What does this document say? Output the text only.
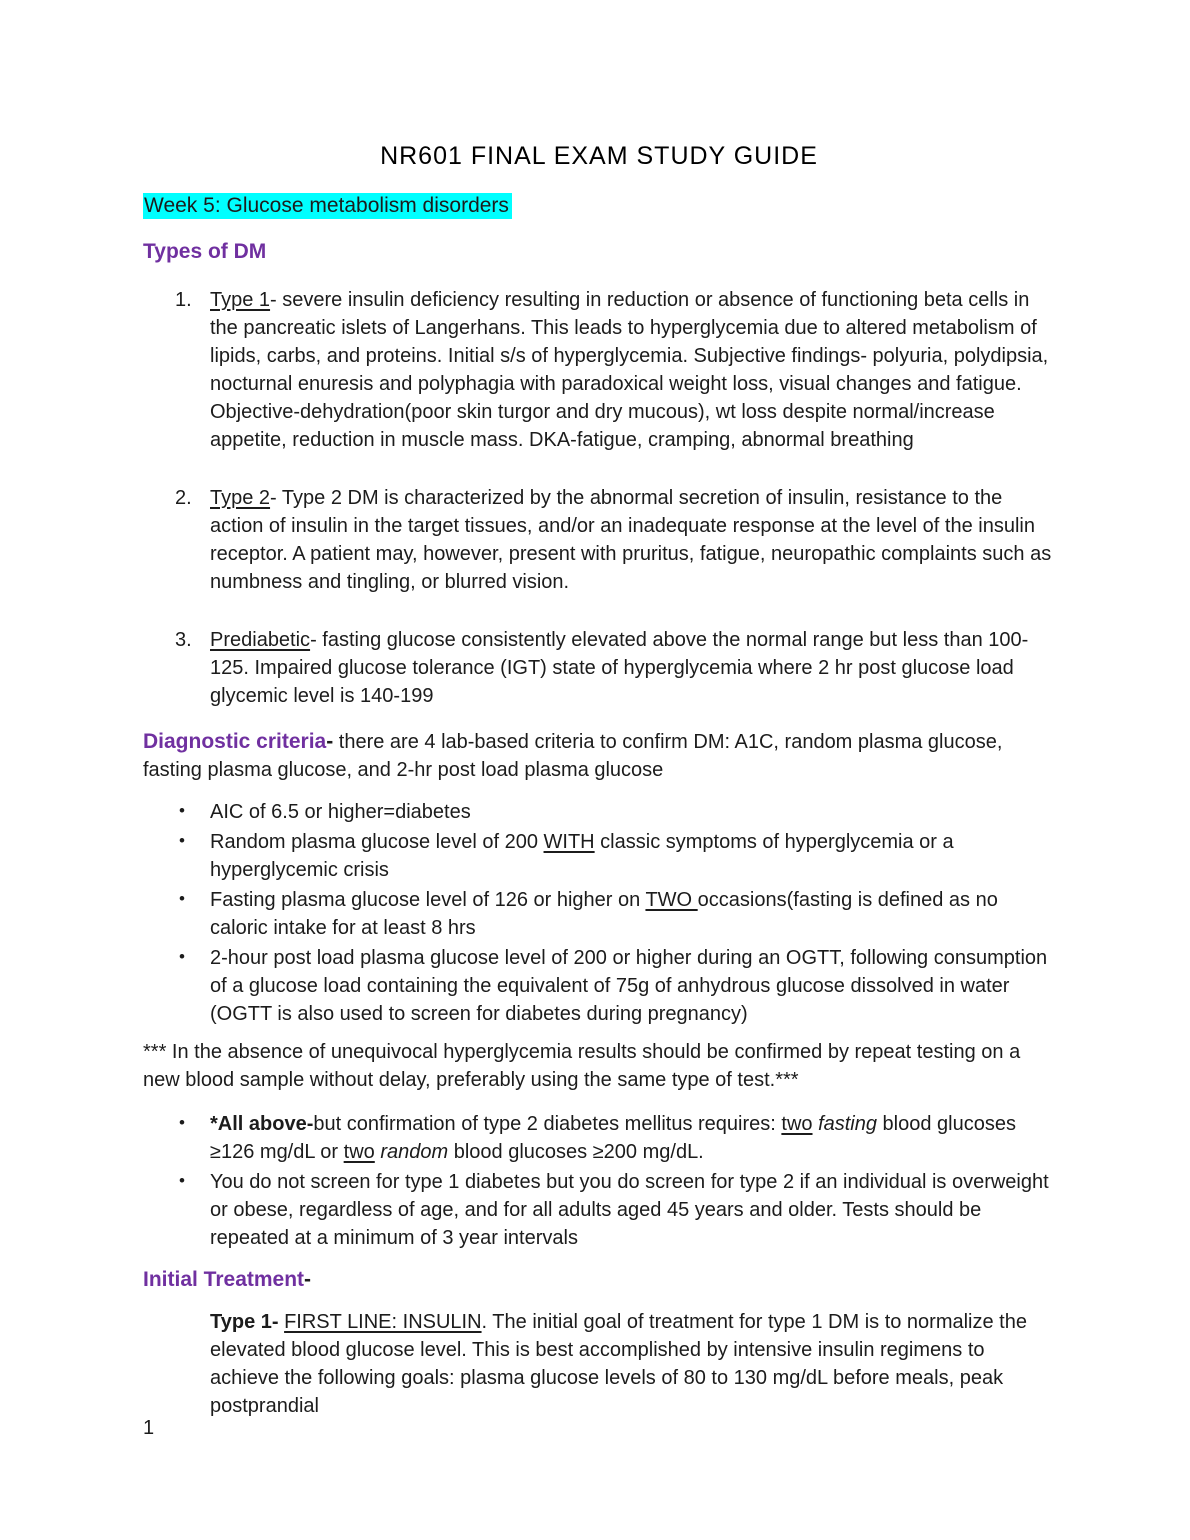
NR601 FINAL EXAM STUDY GUIDE
Week 5: Glucose metabolism disorders
Types of DM
1. Type 1- severe insulin deficiency resulting in reduction or absence of functioning beta cells in the pancreatic islets of Langerhans. This leads to hyperglycemia due to altered metabolism of lipids, carbs, and proteins. Initial s/s of hyperglycemia. Subjective findings- polyuria, polydipsia, nocturnal enuresis and polyphagia with paradoxical weight loss, visual changes and fatigue. Objective-dehydration(poor skin turgor and dry mucous), wt loss despite normal/increase appetite, reduction in muscle mass. DKA-fatigue, cramping, abnormal breathing
2. Type 2- Type 2 DM is characterized by the abnormal secretion of insulin, resistance to the action of insulin in the target tissues, and/or an inadequate response at the level of the insulin receptor. A patient may, however, present with pruritus, fatigue, neuropathic complaints such as numbness and tingling, or blurred vision.
3. Prediabetic- fasting glucose consistently elevated above the normal range but less than 100-125. Impaired glucose tolerance (IGT) state of hyperglycemia where 2 hr post glucose load glycemic level is 140-199
Diagnostic criteria- there are 4 lab-based criteria to confirm DM: A1C, random plasma glucose, fasting plasma glucose, and 2-hr post load plasma glucose
• AIC of 6.5 or higher=diabetes
• Random plasma glucose level of 200 WITH classic symptoms of hyperglycemia or a hyperglycemic crisis
• Fasting plasma glucose level of 126 or higher on TWO occasions(fasting is defined as no caloric intake for at least 8 hrs
• 2-hour post load plasma glucose level of 200 or higher during an OGTT, following consumption of a glucose load containing the equivalent of 75g of anhydrous glucose dissolved in water (OGTT is also used to screen for diabetes during pregnancy)
*** In the absence of unequivocal hyperglycemia results should be confirmed by repeat testing on a new blood sample without delay, preferably using the same type of test.***
• *All above-but confirmation of type 2 diabetes mellitus requires: two fasting blood glucoses ≥126 mg/dL or two random blood glucoses ≥200 mg/dL.
• You do not screen for type 1 diabetes but you do screen for type 2 if an individual is overweight or obese, regardless of age, and for all adults aged 45 years and older. Tests should be repeated at a minimum of 3 year intervals
Initial Treatment-
Type 1- FIRST LINE: INSULIN. The initial goal of treatment for type 1 DM is to normalize the elevated blood glucose level. This is best accomplished by intensive insulin regimens to achieve the following goals: plasma glucose levels of 80 to 130 mg/dL before meals, peak postprandial
1
